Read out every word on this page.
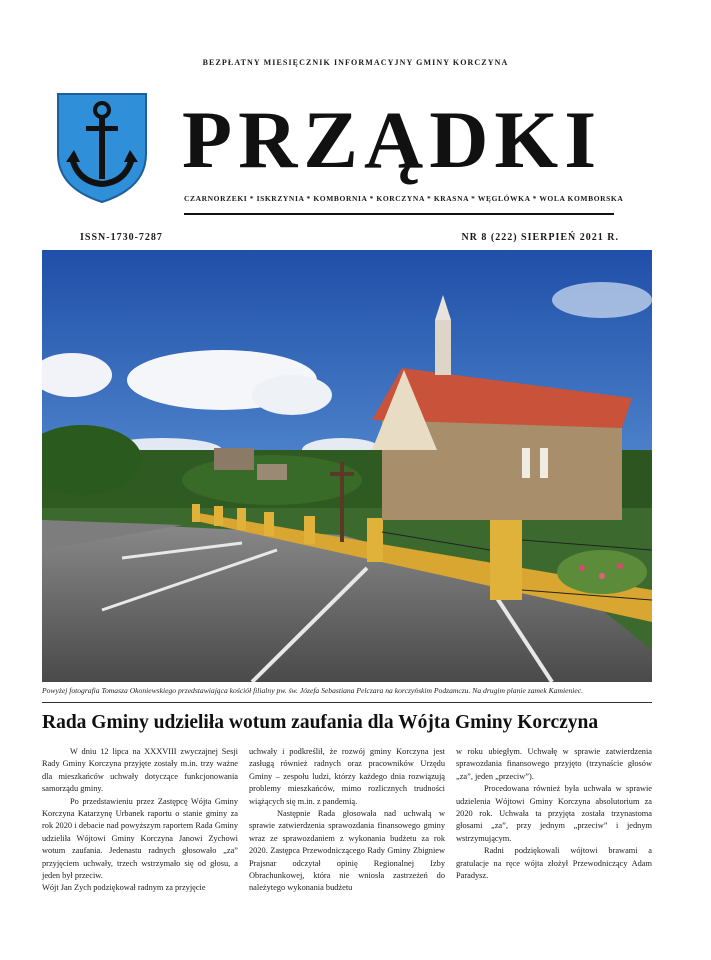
BEZPŁATNY MIESIĘCZNIK INFORMACYJNY GMINY KORCZYNA
PRZĄDKI
CZARNORZEKI * ISKRZYNIA * KOMBORNIA * KORCZYNA * KRASNA * WĘGLÓWKA * WOLA KOMBORSKA
ISSN-1730-7287	NR 8 (222) SIERPIEŃ 2021 R.
Powyżej fotografia Tomasza Okoniewskiego przedstawiająca kościół filialny pw. św. Józefa Sebastiana Pelczara na korczyńskim Podzamczu. Na drugim planie zamek Kamieniec.
Rada Gminy udzieliła wotum zaufania dla Wójta Gminy Korczyna

W dniu 12 lipca na XXXVIII zwyczajnej Sesji Rady Gminy Korczyna przyjęte zostały m.in. trzy ważne dla mieszkańców uchwały dotyczące funkcjonowania samorządu gminy.

Po przedstawieniu przez Zastępcę Wójta Gminy Korczyna Katarzynę Urbanek raportu o stanie gminy za rok 2020 i debacie nad powyższym raportem Rada Gminy udzieliła Wójtowi Gminy Korczyna Janowi Zychowi wotum zaufania. Jedenastu radnych głosowało „za” przyjęciem uchwały, trzech wstrzymało się od głosu, a jeden był przeciw.

Wójt Jan Zych podziękował radnym za przyjęcie

uchwały i podkreślił, że rozwój gminy Korczyna jest zasługą również radnych oraz pracowników Urzędu Gminy – zespołu ludzi, którzy każdego dnia rozwiązują problemy mieszkańców, mimo rozlicznych trudności wiążących się m.in. z pandemią.

Następnie Rada głosowała nad uchwałą w sprawie zatwierdzenia sprawozdania finansowego gminy wraz ze sprawozdaniem z wykonania budżetu za rok 2020. Zastępca Przewodniczącego Rady Gminy Zbigniew Prajsnar odczytał opinię Regionalnej Izby Obrachunkowej, która nie wniosła zastrzeżeń do należytego wykonania budżetu

w roku ubiegłym. Uchwałę w sprawie zatwierdzenia sprawozdania finansowego przyjęto (trzynaście głosów „za”, jeden „przeciw”).

Procedowana również była uchwała w sprawie udzielenia Wójtowi Gminy Korczyna absolutorium za 2020 rok. Uchwała ta przyjęta została trzynastoma głosami „za”, przy jednym „przeciw” i jednym wstrzymującym.

Radni podziękowali wójtowi brawami a gratulacje na ręce wójta złożył Przewodniczący Adam Paradysz.
